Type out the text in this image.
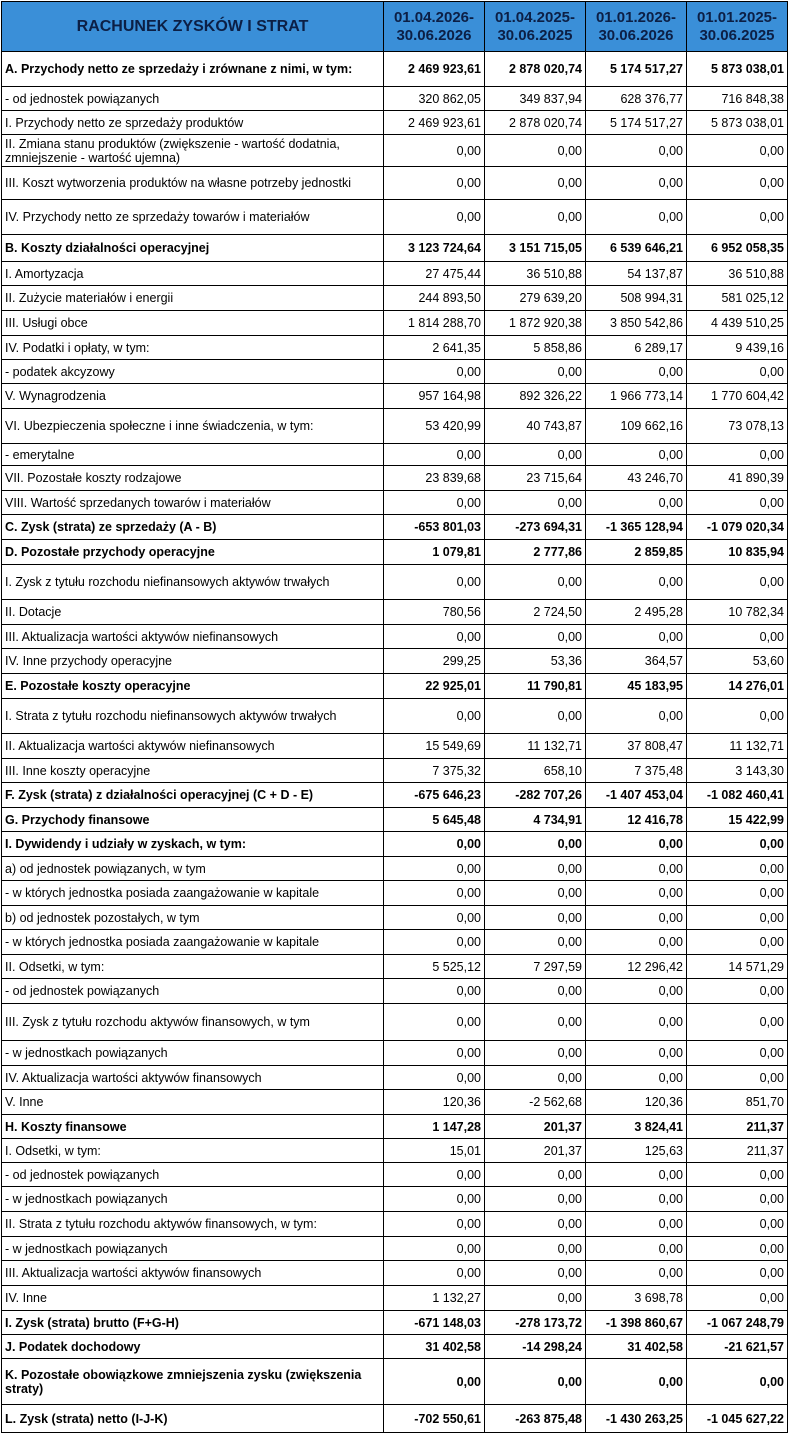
RACHUNEK ZYSKÓW I STRAT	01.04.2026-30.06.2026	01.04.2025-30.06.2025	01.01.2026-30.06.2026	01.01.2025-30.06.2025
A. Przychody netto ze sprzedaży i zrównane z nimi, w tym:	2 469 923,61	2 878 020,74	5 174 517,27	5 873 038,01
- od jednostek powiązanych	320 862,05	349 837,94	628 376,77	716 848,38
I. Przychody netto ze sprzedaży produktów	2 469 923,61	2 878 020,74	5 174 517,27	5 873 038,01
II. Zmiana stanu produktów (zwiększenie - wartość dodatnia, zmniejszenie - wartość ujemna)	0,00	0,00	0,00	0,00
III. Koszt wytworzenia produktów na własne potrzeby jednostki	0,00	0,00	0,00	0,00
IV. Przychody netto ze sprzedaży towarów i materiałów	0,00	0,00	0,00	0,00
B. Koszty działalności operacyjnej	3 123 724,64	3 151 715,05	6 539 646,21	6 952 058,35
I. Amortyzacja	27 475,44	36 510,88	54 137,87	36 510,88
II. Zużycie materiałów i energii	244 893,50	279 639,20	508 994,31	581 025,12
III. Usługi obce	1 814 288,70	1 872 920,38	3 850 542,86	4 439 510,25
IV. Podatki i opłaty, w tym:	2 641,35	5 858,86	6 289,17	9 439,16
- podatek akcyzowy	0,00	0,00	0,00	0,00
V. Wynagrodzenia	957 164,98	892 326,22	1 966 773,14	1 770 604,42
VI. Ubezpieczenia społeczne i inne świadczenia, w tym:	53 420,99	40 743,87	109 662,16	73 078,13
- emerytalne	0,00	0,00	0,00	0,00
VII. Pozostałe koszty rodzajowe	23 839,68	23 715,64	43 246,70	41 890,39
VIII. Wartość sprzedanych towarów i materiałów	0,00	0,00	0,00	0,00
C. Zysk (strata) ze sprzedaży (A - B)	-653 801,03	-273 694,31	-1 365 128,94	-1 079 020,34
D. Pozostałe przychody operacyjne	1 079,81	2 777,86	2 859,85	10 835,94
I. Zysk z tytułu rozchodu niefinansowych aktywów trwałych	0,00	0,00	0,00	0,00
II. Dotacje	780,56	2 724,50	2 495,28	10 782,34
III. Aktualizacja wartości aktywów niefinansowych	0,00	0,00	0,00	0,00
IV. Inne przychody operacyjne	299,25	53,36	364,57	53,60
E. Pozostałe koszty operacyjne	22 925,01	11 790,81	45 183,95	14 276,01
I. Strata z tytułu rozchodu niefinansowych aktywów trwałych	0,00	0,00	0,00	0,00
II. Aktualizacja wartości aktywów niefinansowych	15 549,69	11 132,71	37 808,47	11 132,71
III. Inne koszty operacyjne	7 375,32	658,10	7 375,48	3 143,30
F. Zysk (strata) z działalności operacyjnej (C + D - E)	-675 646,23	-282 707,26	-1 407 453,04	-1 082 460,41
G. Przychody finansowe	5 645,48	4 734,91	12 416,78	15 422,99
I. Dywidendy i udziały w zyskach, w tym:	0,00	0,00	0,00	0,00
a) od jednostek powiązanych, w tym	0,00	0,00	0,00	0,00
- w których jednostka posiada zaangażowanie w kapitale	0,00	0,00	0,00	0,00
b) od jednostek pozostałych, w tym	0,00	0,00	0,00	0,00
- w których jednostka posiada zaangażowanie w kapitale	0,00	0,00	0,00	0,00
II. Odsetki, w tym:	5 525,12	7 297,59	12 296,42	14 571,29
- od jednostek powiązanych	0,00	0,00	0,00	0,00
III. Zysk z tytułu rozchodu aktywów finansowych, w tym	0,00	0,00	0,00	0,00
- w jednostkach powiązanych	0,00	0,00	0,00	0,00
IV. Aktualizacja wartości aktywów finansowych	0,00	0,00	0,00	0,00
V. Inne	120,36	-2 562,68	120,36	851,70
H. Koszty finansowe	1 147,28	201,37	3 824,41	211,37
I. Odsetki, w tym:	15,01	201,37	125,63	211,37
- od jednostek powiązanych	0,00	0,00	0,00	0,00
- w jednostkach powiązanych	0,00	0,00	0,00	0,00
II. Strata z tytułu rozchodu aktywów finansowych, w tym:	0,00	0,00	0,00	0,00
- w jednostkach powiązanych	0,00	0,00	0,00	0,00
III. Aktualizacja wartości aktywów finansowych	0,00	0,00	0,00	0,00
IV. Inne	1 132,27	0,00	3 698,78	0,00
I. Zysk (strata) brutto (F+G-H)	-671 148,03	-278 173,72	-1 398 860,67	-1 067 248,79
J. Podatek dochodowy	31 402,58	-14 298,24	31 402,58	-21 621,57
K. Pozostałe obowiązkowe zmniejszenia zysku (zwiększenia straty)	0,00	0,00	0,00	0,00
L. Zysk (strata) netto (I-J-K)	-702 550,61	-263 875,48	-1 430 263,25	-1 045 627,22
